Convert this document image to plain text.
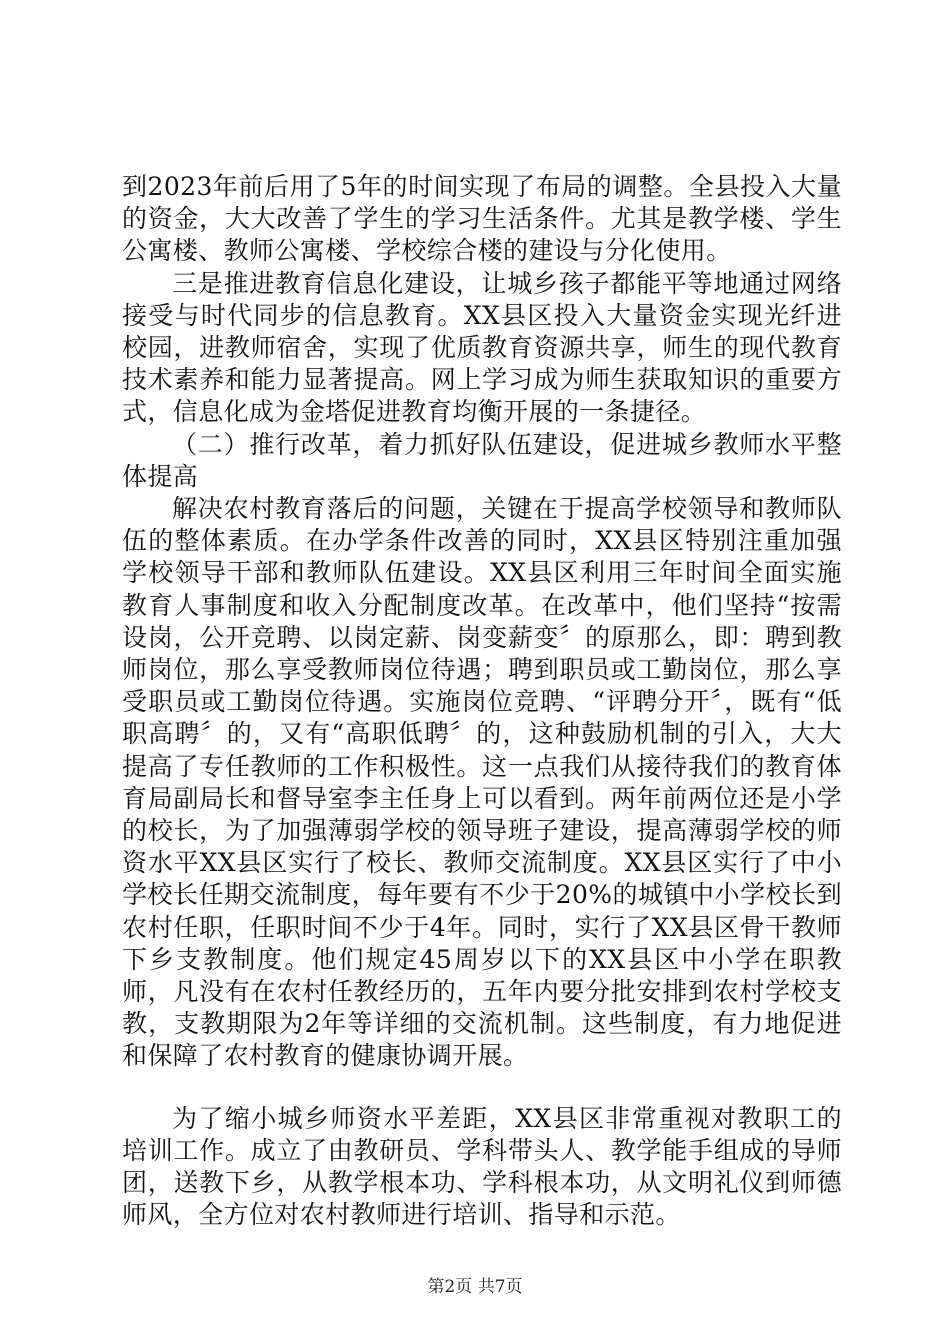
到2023年前后用了5年的时间实现了布局的调整。全县投入大量的资金，大大改善了学生的学习生活条件。尤其是教学楼、学生公寓楼、教师公寓楼、学校综合楼的建设与分化使用。

三是推进教育信息化建设，让城乡孩子都能平等地通过网络接受与时代同步的信息教育。XX县区投入大量资金实现光纤进校园，进教师宿舍，实现了优质教育资源共享，师生的现代教育技术素养和能力显著提高。网上学习成为师生获取知识的重要方式，信息化成为金塔促进教育均衡开展的一条捷径。

（二）推行改革，着力抓好队伍建设，促进城乡教师水平整体提高

解决农村教育落后的问题，关键在于提高学校领导和教师队伍的整体素质。在办学条件改善的同时，XX县区特别注重加强学校领导干部和教师队伍建设。XX县区利用三年时间全面实施教育人事制度和收入分配制度改革。在改革中，他们坚持“按需设岗，公开竞聘、以岗定薪、岗变薪变〞的原那么，即：聘到教师岗位，那么享受教师岗位待遇；聘到职员或工勤岗位，那么享受职员或工勤岗位待遇。实施岗位竞聘、“评聘分开〞，既有“低职高聘〞的，又有“高职低聘〞的，这种鼓励机制的引入，大大提高了专任教师的工作积极性。这一点我们从接待我们的教育体育局副局长和督导室李主任身上可以看到。两年前两位还是小学的校长，为了加强薄弱学校的领导班子建设，提高薄弱学校的师资水平XX县区实行了校长、教师交流制度。XX县区实行了中小学校长任期交流制度，每年要有不少于20%的城镇中小学校长到农村任职，任职时间不少于4年。同时，实行了XX县区骨干教师下乡支教制度。他们规定45周岁以下的XX县区中小学在职教师，凡没有在农村任教经历的，五年内要分批安排到农村学校支教，支教期限为2年等详细的交流机制。这些制度，有力地促进和保障了农村教育的健康协调开展。

为了缩小城乡师资水平差距，XX县区非常重视对教职工的培训工作。成立了由教研员、学科带头人、教学能手组成的导师团，送教下乡，从教学根本功、学科根本功，从文明礼仪到师德师风，全方位对农村教师进行培训、指导和示范。

第2页 共7页
